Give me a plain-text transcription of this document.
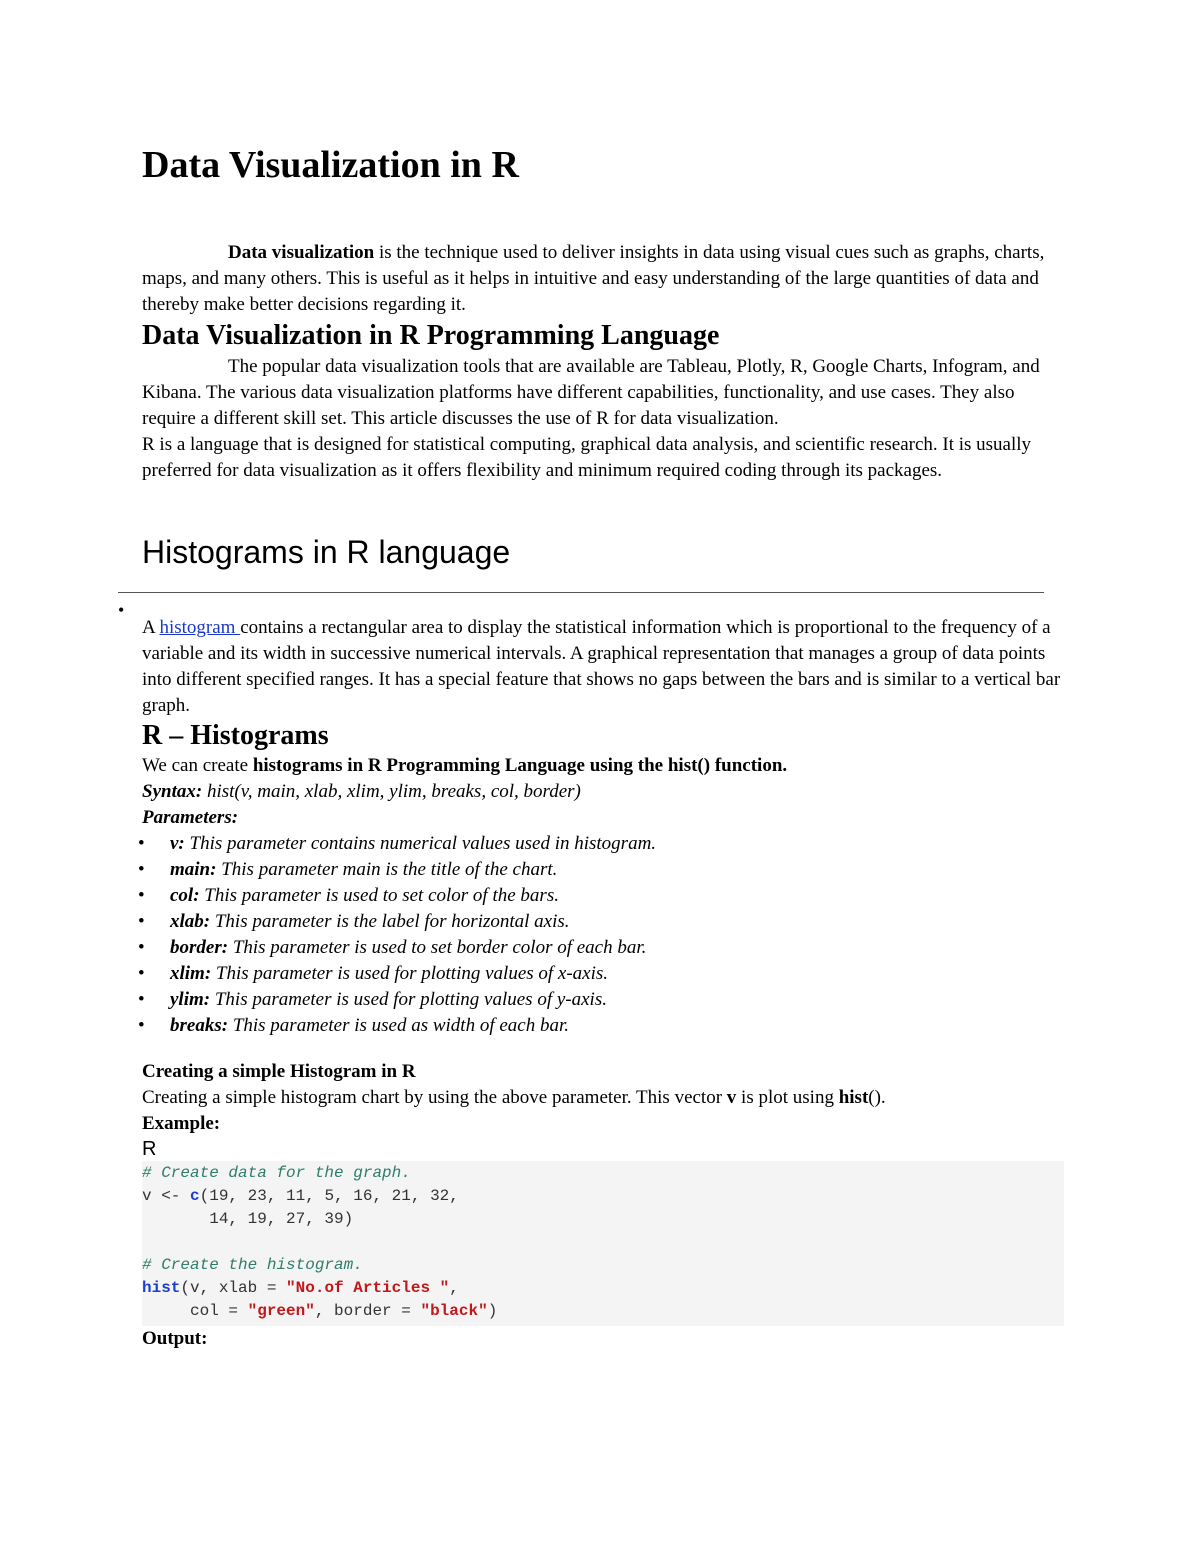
Data Visualization in R

Data visualization is the technique used to deliver insights in data using visual cues such as graphs, charts, maps, and many others. This is useful as it helps in intuitive and easy understanding of the large quantities of data and thereby make better decisions regarding it.

Data Visualization in R Programming Language

The popular data visualization tools that are available are Tableau, Plotly, R, Google Charts, Infogram, and Kibana. The various data visualization platforms have different capabilities, functionality, and use cases. They also require a different skill set. This article discusses the use of R for data visualization.

R is a language that is designed for statistical computing, graphical data analysis, and scientific research. It is usually preferred for data visualization as it offers flexibility and minimum required coding through its packages.

Histograms in R language
•

A histogram contains a rectangular area to display the statistical information which is proportional to the frequency of a variable and its width in successive numerical intervals. A graphical representation that manages a group of data points into different specified ranges. It has a special feature that shows no gaps between the bars and is similar to a vertical bar graph.

R – Histograms

We can create histograms in R Programming Language using the hist() function.

Syntax: hist(v, main, xlab, xlim, ylim, breaks, col, border)

Parameters:

• v: This parameter contains numerical values used in histogram.
• main: This parameter main is the title of the chart.
• col: This parameter is used to set color of the bars.
• xlab: This parameter is the label for horizontal axis.
• border: This parameter is used to set border color of each bar.
• xlim: This parameter is used for plotting values of x-axis.
• ylim: This parameter is used for plotting values of y-axis.
• breaks: This parameter is used as width of each bar.

Creating a simple Histogram in R

Creating a simple histogram chart by using the above parameter. This vector v is plot using hist().

Example:

R
# Create data for the graph.
v <- c(19, 23, 11, 5, 16, 21, 32,
14, 19, 27, 39)
# Create the histogram.
hist(v, xlab = "No.of Articles ",
col = "green", border = "black")

Output:
